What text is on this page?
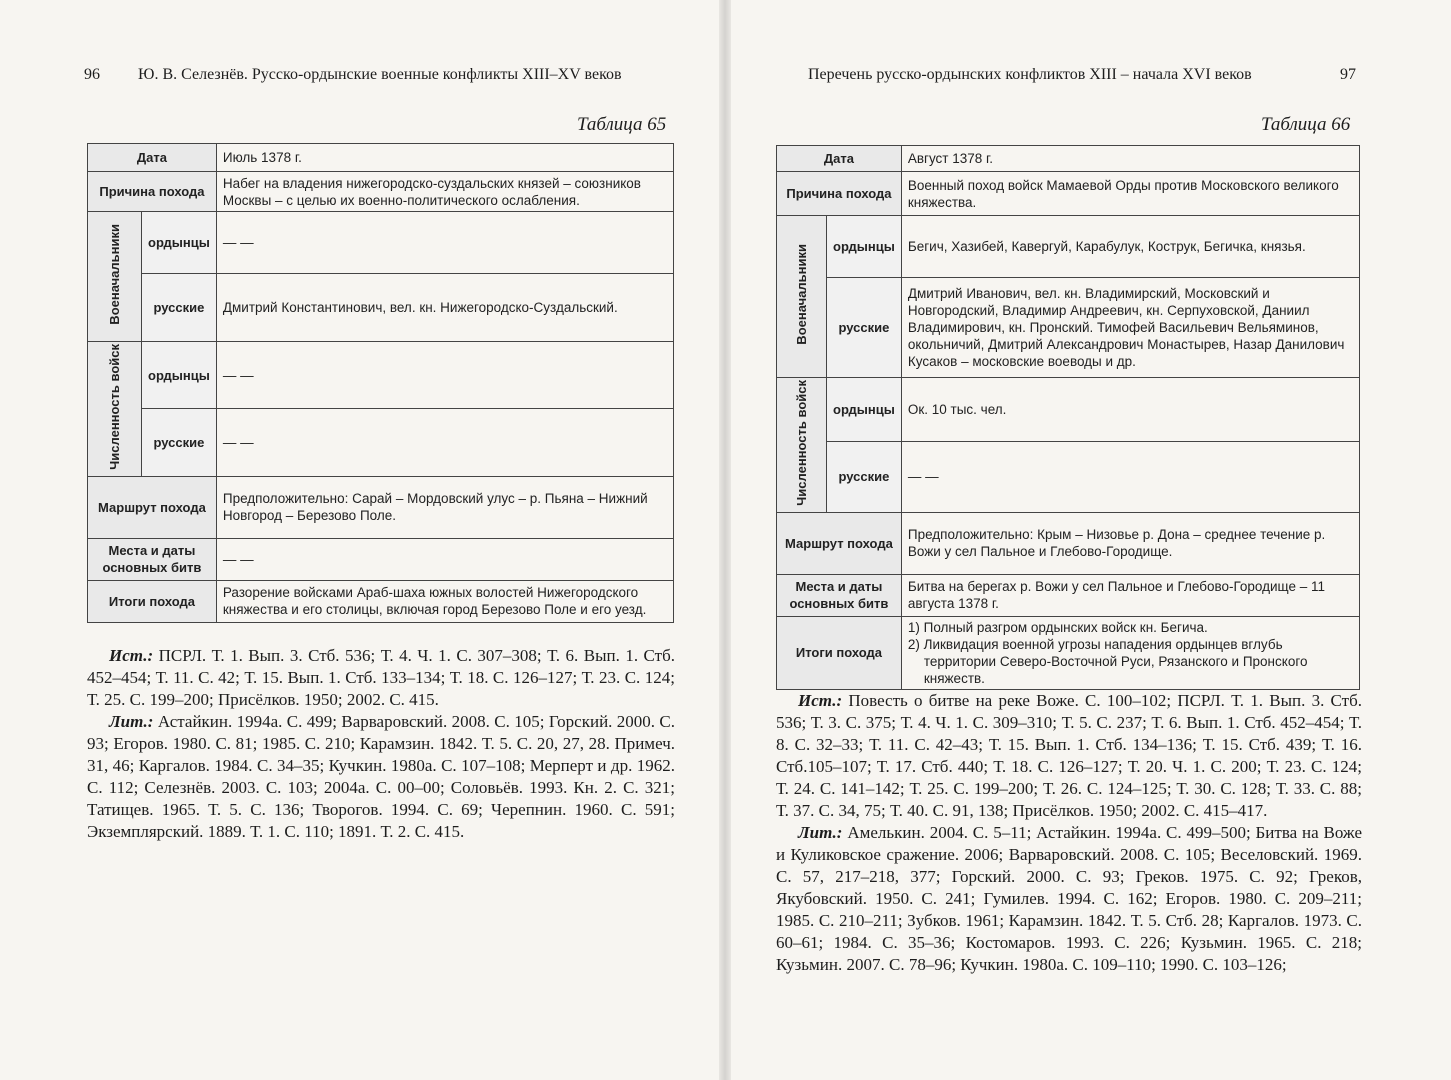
96 Ю. В. Селезнёв. Русско-ордынские военные конфликты XIII–XV веков
Таблица 65
Дата		Июль 1378 г.
Причина похода		Набег на владения нижегородско-суздальских князей – союзников Москвы – с целью их военно-политического ослабления.
Военачальники	ордынцы	— —
	русские	Дмитрий Константинович, вел. кн. Нижегородско-Суздальский.
Численность войск	ордынцы	— —
	русские	— —
Маршрут похода		Предположительно: Сарай – Мордовский улус – р. Пьяна – Нижний Новгород – Березово Поле.
Места и даты основных битв		— —
Итоги похода		Разорение войсками Араб-шаха южных волостей Нижегородского княжества и его столицы, включая город Березово Поле и его уезд.

Ист.: ПСРЛ. Т. 1. Вып. 3. Стб. 536; Т. 4. Ч. 1. С. 307–308; Т. 6. Вып. 1. Стб. 452–454; Т. 11. С. 42; Т. 15. Вып. 1. Стб. 133–134; Т. 18. С. 126–127; Т. 23. С. 124; Т. 25. С. 199–200; Присёлков. 1950; 2002. С. 415.

Лит.: Астайкин. 1994а. С. 499; Варваровский. 2008. С. 105; Горский. 2000. С. 93; Егоров. 1980. С. 81; 1985. С. 210; Карамзин. 1842. Т. 5. С. 20, 27, 28. Примеч. 31, 46; Каргалов. 1984. С. 34–35; Кучкин. 1980а. С. 107–108; Мерперт и др. 1962. С. 112; Селезнёв. 2003. С. 103; 2004а. С. 00–00; Соловьёв. 1993. Кн. 2. С. 321; Татищев. 1965. Т. 5. С. 136; Творогов. 1994. С. 69; Черепнин. 1960. С. 591; Экземплярский. 1889. Т. 1. С. 110; 1891. Т. 2. С. 415.

Перечень русско-ордынских конфликтов XIII – начала XVI веков	97
Таблица 66
Дата		Август 1378 г.
Причина похода		Военный поход войск Мамаевой Орды против Московского великого княжества.
Военачальники	ордынцы	Бегич, Хазибей, Кавергуй, Карабулук, Кострук, Бегичка, князья.
	русские	Дмитрий Иванович, вел. кн. Владимирский, Московский и Новгородский, Владимир Андреевич, кн. Серпуховской, Даниил Владимирович, кн. Пронский. Тимофей Васильевич Вельяминов, окольничий, Дмитрий Александрович Монастырев, Назар Данилович Кусаков – московские воеводы и др.
Численность войск	ордынцы	Ок. 10 тыс. чел.
	русские	— —
Маршрут похода		Предположительно: Крым – Низовье р. Дона – среднее течение р. Вожи у сел Пальное и Глебово-Городище.
Места и даты основных битв		Битва на берегах р. Вожи у сел Пальное и Глебово-Городище – 11 августа 1378 г.
Итоги похода		1) Полный разгром ордынских войск кн. Бегича.
2) Ликвидация военной угрозы нападения ордынцев вглубь территории Северо-Восточной Руси, Рязанского и Пронского княжеств.

Ист.: Повесть о битве на реке Воже. С. 100–102; ПСРЛ. Т. 1. Вып. 3. Стб. 536; Т. 3. С. 375; Т. 4. Ч. 1. С. 309–310; Т. 5. С. 237; Т. 6. Вып. 1. Стб. 452–454; Т. 8. С. 32–33; Т. 11. С. 42–43; Т. 15. Вып. 1. Стб. 134–136; Т. 15. Стб. 439; Т. 16. Стб.105–107; Т. 17. Стб. 440; Т. 18. С. 126–127; Т. 20. Ч. 1. С. 200; Т. 23. С. 124; Т. 24. С. 141–142; Т. 25. С. 199–200; Т. 26. С. 124–125; Т. 30. С. 128; Т. 33. С. 88; Т. 37. С. 34, 75; Т. 40. С. 91, 138; Присёлков. 1950; 2002. С. 415–417.

Лит.: Амелькин. 2004. С. 5–11; Астайкин. 1994а. С. 499–500; Битва на Воже и Куликовское сражение. 2006; Варваровский. 2008. С. 105; Веселовский. 1969. С. 57, 217–218, 377; Горский. 2000. С. 93; Греков. 1975. С. 92; Греков, Якубовский. 1950. С. 241; Гумилев. 1994. С. 162; Егоров. 1980. С. 209–211; 1985. С. 210–211; Зубков. 1961; Карамзин. 1842. Т. 5. Стб. 28; Каргалов. 1973. С. 60–61; 1984. С. 35–36; Костомаров. 1993. С. 226; Кузьмин. 1965. С. 218; Кузьмин. 2007. С. 78–96; Кучкин. 1980а. С. 109–110; 1990. С. 103–126;
